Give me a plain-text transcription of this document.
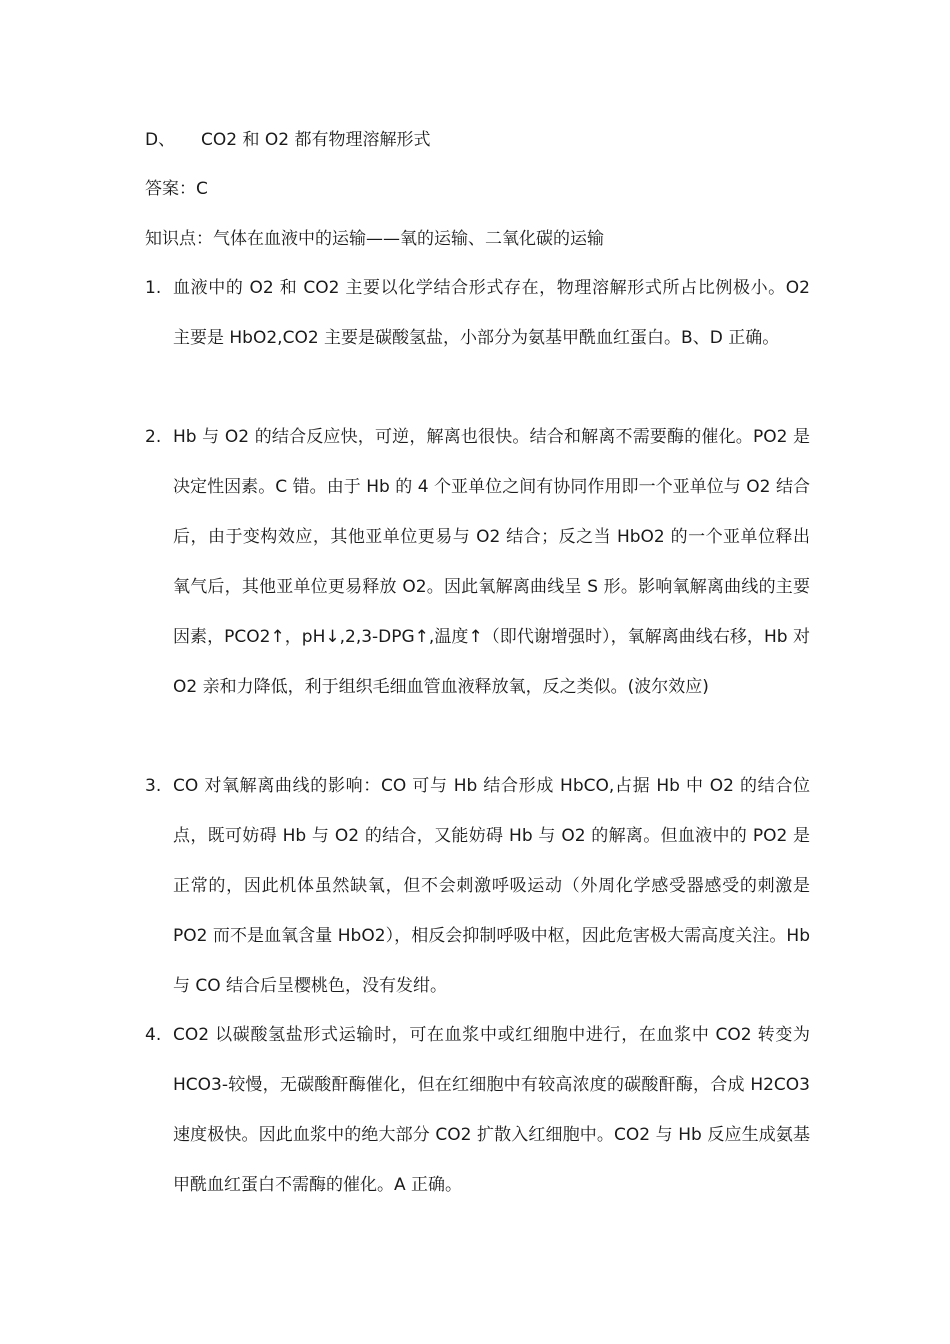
D、 CO2 和 O2 都有物理溶解形式
答案：C
知识点：气体在血液中的运输——氧的运输、二氧化碳的运输
1. 血液中的 O2 和 CO2 主要以化学结合形式存在，物理溶解形式所占比例极小。O2 主要是 HbO2,CO2 主要是碳酸氢盐，小部分为氨基甲酰血红蛋白。B、D 正确。
2. Hb 与 O2 的结合反应快，可逆，解离也很快。结合和解离不需要酶的催化。PO2 是决定性因素。C 错。由于 Hb 的 4 个亚单位之间有协同作用即一个亚单位与 O2 结合后，由于变构效应，其他亚单位更易与 O2 结合；反之当 HbO2 的一个亚单位释出氧气后，其他亚单位更易释放 O2。因此氧解离曲线呈 S 形。影响氧解离曲线的主要因素，PCO2↑，pH↓,2,3-DPG↑,温度↑（即代谢增强时），氧解离曲线右移，Hb 对 O2 亲和力降低，利于组织毛细血管血液释放氧，反之类似。(波尔效应)
3. CO 对氧解离曲线的影响：CO 可与 Hb 结合形成 HbCO,占据 Hb 中 O2 的结合位点，既可妨碍 Hb 与 O2 的结合，又能妨碍 Hb 与 O2 的解离。但血液中的 PO2 是正常的，因此机体虽然缺氧，但不会刺激呼吸运动（外周化学感受器感受的刺激是 PO2 而不是血氧含量 HbO2），相反会抑制呼吸中枢，因此危害极大需高度关注。Hb 与 CO 结合后呈樱桃色，没有发绀。
4. CO2 以碳酸氢盐形式运输时，可在血浆中或红细胞中进行，在血浆中 CO2 转变为 HCO3-较慢，无碳酸酐酶催化，但在红细胞中有较高浓度的碳酸酐酶，合成 H2CO3 速度极快。因此血浆中的绝大部分 CO2 扩散入红细胞中。CO2 与 Hb 反应生成氨基甲酰血红蛋白不需酶的催化。A 正确。
